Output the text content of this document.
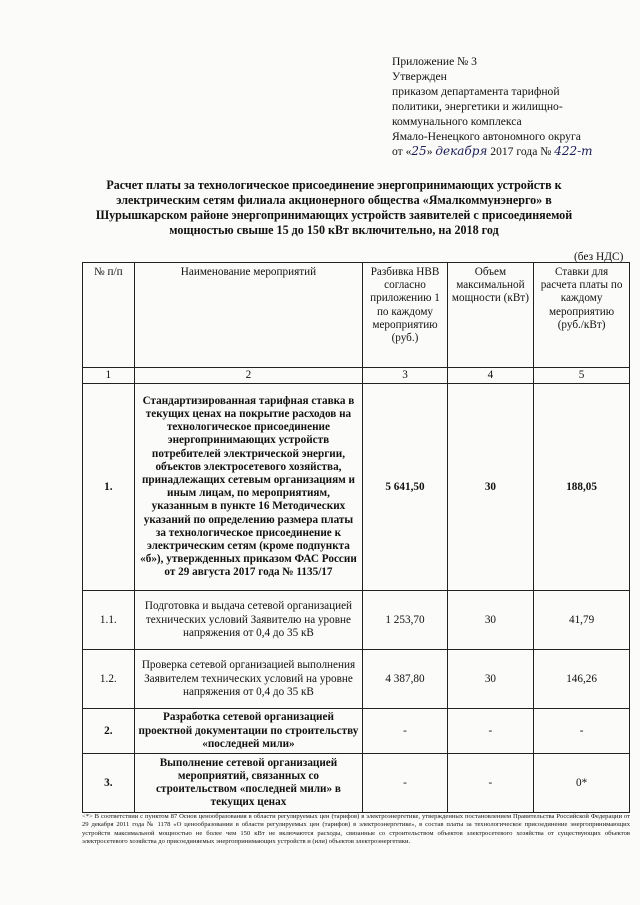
Приложение № 3
Утвержден
приказом департамента тарифной
политики, энергетики и жилищно-
коммунального комплекса
Ямало-Ненецкого автономного округа
от «25» декабря 2017 года № 422-т
Расчет платы за технологическое присоединение энергопринимающих устройств к электрическим сетям филиала акционерного общества «Ямалкоммунэнерго» в Шурышкарском районе энергопринимающих устройств заявителей с присоединяемой мощностью свыше 15 до 150 кВт включительно, на 2018 год
(без НДС)
№ п/п	Наименование мероприятий	Разбивка НВВ согласно приложению 1 по каждому мероприятию (руб.)	Объем максимальной мощности (кВт)	Ставки для расчета платы по каждому мероприятию (руб./кВт)
1	2	3	4	5
1.	Стандартизированная тарифная ставка в текущих ценах на покрытие расходов на технологическое присоединение энергопринимающих устройств потребителей электрической энергии, объектов электросетевого хозяйства, принадлежащих сетевым организациям и иным лицам, по мероприятиям, указанным в пункте 16 Методических указаний по определению размера платы за технологическое присоединение к электрическим сетям (кроме подпункта «б»), утвержденных приказом ФАС России от 29 августа 2017 года № 1135/17	5 641,50	30	188,05
1.1.	Подготовка и выдача сетевой организацией технических условий Заявителю на уровне напряжения от 0,4 до 35 кВ	1 253,70	30	41,79
1.2.	Проверка сетевой организацией выполнения Заявителем технических условий на уровне напряжения от 0,4 до 35 кВ	4 387,80	30	146,26
2.	Разработка сетевой организацией проектной документации по строительству «последней мили»	-	-	-
3.	Выполнение сетевой организацией мероприятий, связанных со строительством «последней мили» в текущих ценах	-	-	0*
<*> В соответствии с пунктом 87 Основ ценообразования в области регулируемых цен (тарифов) в электроэнергетике, утвержденных постановлением Правительства Российской Федерации от 29 декабря 2011 года № 1178 «О ценообразовании в области регулируемых цен (тарифов) в электроэнергетике», в состав платы за технологическое присоединение энергопринимающих устройств максимальной мощностью не более чем 150 кВт не включаются расходы, связанные со строительством объектов электросетевого хозяйства от существующих объектов электросетевого хозяйства до присоединяемых энергопринимающих устройств и (или) объектов электроэнергетики.
